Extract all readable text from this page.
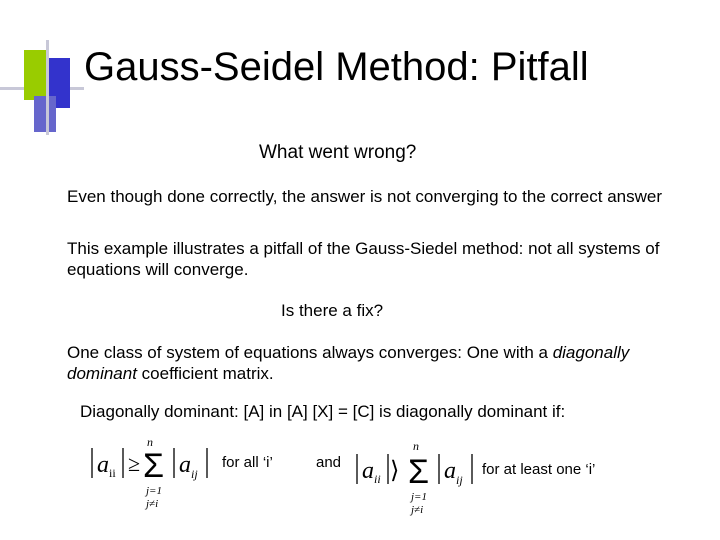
Gauss-Seidel Method: Pitfall

What went wrong?

Even though done correctly, the answer is not converging to the correct answer

This example illustrates a pitfall of the Gauss-Siedel method: not all systems of equations will converge.

Is there a fix?

One class of system of equations always converges: One with a diagonally dominant coefficient matrix.

Diagonally dominant: [A] in [A] [X] = [C] is diagonally dominant if:

a ii ≥
n
Σ
j=1
j≠i
a ij
for all ‘i’	and a ii ⟩
n
Σ
j=1
j≠i
a ij
for at least one ‘i’
